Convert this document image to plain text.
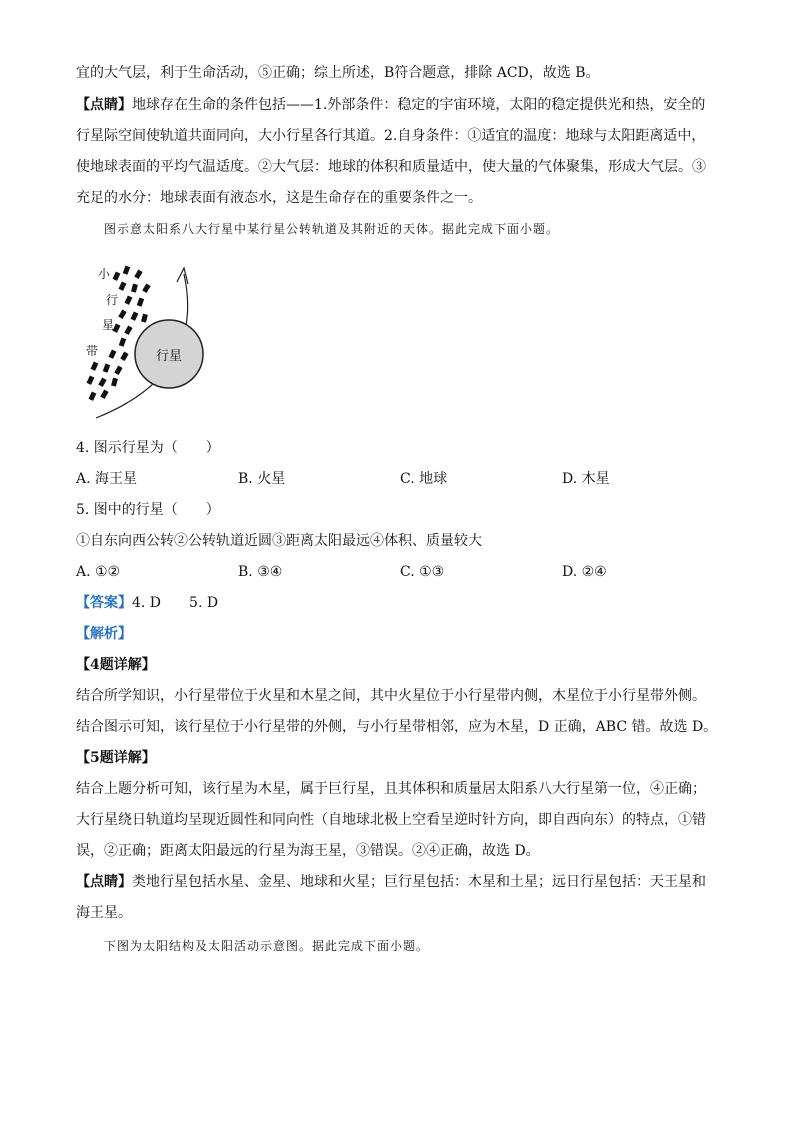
宜的大气层，利于生命活动，⑤正确；综上所述，B符合题意，排除 ACD，故选 B。
【点睛】地球存在生命的条件包括——1.外部条件：稳定的宇宙环境，太阳的稳定提供光和热，安全的
行星际空间使轨道共面同向，大小行星各行其道。2.自身条件：①适宜的温度：地球与太阳距离适中，
使地球表面的平均气温适度。②大气层：地球的体积和质量适中，使大量的气体聚集，形成大气层。③
充足的水分：地球表面有液态水，这是生命存在的重要条件之一。
图示意太阳系八大行星中某行星公转轨道及其附近的天体。据此完成下面小题。
行星
小
行
星
带
4. 图示行星为（　　）
A. 海王星	B. 火星	C. 地球	D. 木星
5. 图中的行星（　　）
①自东向西公转②公转轨道近圆③距离太阳最远④体积、质量较大
A. ①②	B. ③④	C. ①③	D. ②④
【答案】4. D　　5. D
【解析】
【4题详解】
结合所学知识，小行星带位于火星和木星之间，其中火星位于小行星带内侧，木星位于小行星带外侧。
结合图示可知，该行星位于小行星带的外侧，与小行星带相邻，应为木星，D 正确，ABC 错。故选 D。
【5题详解】
结合上题分析可知，该行星为木星，属于巨行星，且其体积和质量居太阳系八大行星第一位，④正确；
大行星绕日轨道均呈现近圆性和同向性（自地球北极上空看呈逆时针方向，即自西向东）的特点，①错
误，②正确；距离太阳最远的行星为海王星，③错误。②④正确，故选 D。
【点睛】类地行星包括水星、金星、地球和火星；巨行星包括：木星和土星；远日行星包括：天王星和
海王星。
下图为太阳结构及太阳活动示意图。据此完成下面小题。
